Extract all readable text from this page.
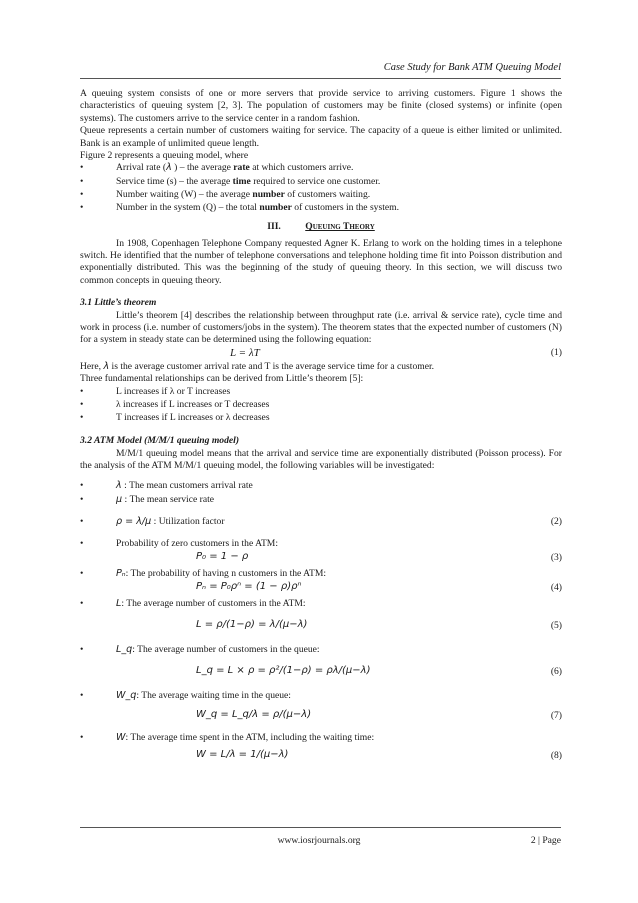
Case Study for Bank ATM Queuing Model

A queuing system consists of one or more servers that provide service to arriving customers. Figure 1 shows the characteristics of queuing system [2, 3]. The population of customers may be finite (closed systems) or infinite (open systems). The customers arrive to the service center in a random fashion.

Queue represents a certain number of customers waiting for service. The capacity of a queue is either limited or unlimited. Bank is an example of unlimited queue length.

Figure 2 represents a queuing model, where

•	Arrival rate (λ ) – the average rate at which customers arrive.
•	Service time (s) – the average time required to service one customer.
•	Number waiting (W) – the average number of customers waiting.
•	Number in the system (Q) – the total number of customers in the system.
III.	Queuing Theory

In 1908, Copenhagen Telephone Company requested Agner K. Erlang to work on the holding times in a telephone switch. He identified that the number of telephone conversations and telephone holding time fit into Poisson distribution and exponentially distributed. This was the beginning of the study of queuing theory. In this section, we will discuss two common concepts in queuing theory.

3.1 Little’s theorem

Little’s theorem [4] describes the relationship between throughput rate (i.e. arrival & service rate), cycle time and work in process (i.e. number of customers/jobs in the system). The theorem states that the expected number of customers (N) for a system in steady state can be determined using the following equation:

L = λT	(1)

Here, λ is the average customer arrival rate and T is the average service time for a customer.

Three fundamental relationships can be derived from Little’s theorem [5]:

•	L increases if λ or T increases
•	λ increases if L increases or T decreases
•	T increases if L increases or λ decreases
3.2 ATM Model (M/M/1 queuing model)

M/M/1 queuing model means that the arrival and service time are exponentially distributed (Poisson process). For the analysis of the ATM M/M/1 queuing model, the following variables will be investigated:

•	λ : The mean customers arrival rate
•	μ : The mean service rate
•	ρ = λ/μ : Utilization factor	(2)
•	Probability of zero customers in the ATM:
P₀ = 1 − ρ	(3)
•	Pₙ: The probability of having n customers in the ATM:
Pₙ = P₀ρⁿ = (1 − ρ)ρⁿ	(4)
•	L: The average number of customers in the ATM:
L = ρ/(1−ρ) = λ/(μ−λ)	(5)
•	L_q: The average number of customers in the queue:
L_q = L × ρ = ρ²/(1−ρ) = ρλ/(μ−λ)	(6)
•	W_q: The average waiting time in the queue:
W_q = L_q/λ = ρ/(μ−λ)	(7)
•	W: The average time spent in the ATM, including the waiting time:
W = L/λ = 1/(μ−λ)	(8)
www.iosrjournals.org	2 | Page
